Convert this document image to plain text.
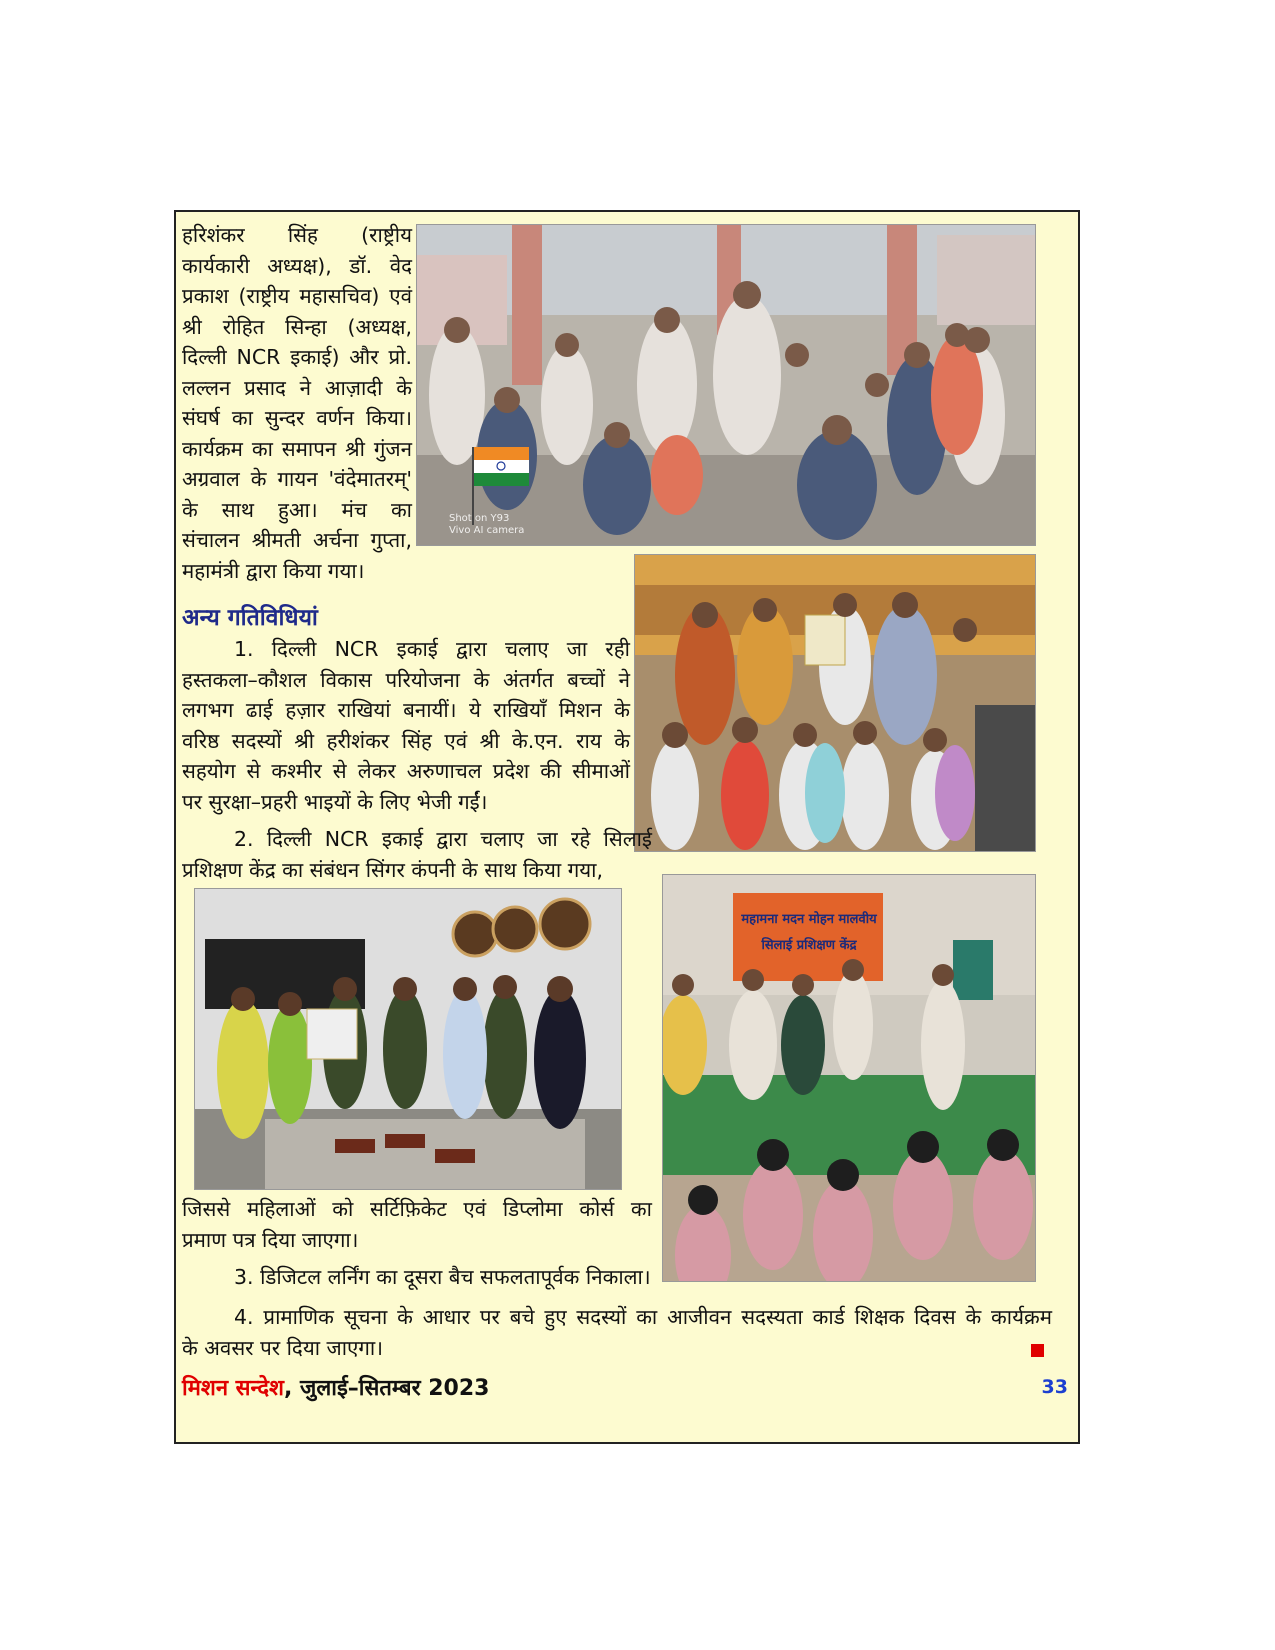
हरिशंकर सिंह (राष्ट्रीय
कार्यकारी अध्यक्ष), डॉ. वेद
प्रकाश (राष्ट्रीय महासचिव) एवं
श्री रोहित सिन्हा (अध्यक्ष,
दिल्ली NCR इकाई) और प्रो.
लल्लन प्रसाद ने आज़ादी के
संघर्ष का सुन्दर वर्णन किया।
कार्यक्रम का समापन श्री गुंजन
अग्रवाल के गायन 'वंदेमातरम्'
के साथ हुआ। मंच का
संचालन श्रीमती अर्चना गुप्ता,
महामंत्री द्वारा किया गया।
Shot on Y93
Vivo AI camera

अन्य गतिविधियां

1. दिल्ली NCR इकाई द्वारा चलाए जा रही
हस्तकला–कौशल विकास परियोजना के अंतर्गत बच्चों ने
लगभग ढाई हज़ार राखियां बनायीं। ये राखियाँ मिशन के
वरिष्ठ सदस्यों श्री हरीशंकर सिंह एवं श्री के.एन. राय के
सहयोग से कश्मीर से लेकर अरुणाचल प्रदेश की सीमाओं
पर सुरक्षा–प्रहरी भाइयों के लिए भेजी गईं।
2. दिल्ली NCR इकाई द्वारा चलाए जा रहे सिलाई
प्रशिक्षण केंद्र का संबंधन सिंगर कंपनी के साथ किया गया,
महामना मदन मोहन मालवीय
सिलाई प्रशिक्षण केंद्र
जिससे महिलाओं को सर्टिफ़िकेट एवं डिप्लोमा कोर्स का
प्रमाण पत्र दिया जाएगा।

3. डिजिटल लर्निंग का दूसरा बैच सफलतापूर्वक निकाला।

4. प्रामाणिक सूचना के आधार पर बचे हुए सदस्यों का आजीवन सदस्यता कार्ड शिक्षक दिवस के कार्यक्रम
के अवसर पर दिया जाएगा।
मिशन सन्देश, जुलाई–सितम्बर 2023	33
